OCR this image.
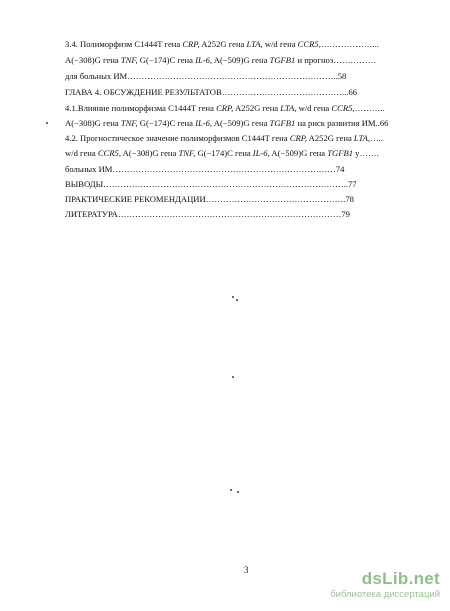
3.4. Полиморфизм C1444T гена CRP, A252G гена LTA, w/d гена CCR5,………………...
A(−308)G гена TNF, G(−174)C гена IL-6, A(−509)G гена TGFB1 и прогноз……………
для больных ИМ………………………………………………………………..58
ГЛАВА 4. ОБСУЖДЕНИЕ РЕЗУЛЬТАТОВ……………………………………...66
4.1.Влияние полиморфизма C1444T гена CRP, A252G гена LTA, w/d гена CCR5,………..
A(−308)G гена TNF, G(−174)C гена IL-6, A(−509)G гена TGFB1 на риск развития ИМ..66
4.2. Прогностическое значение полиморфизмов C1444T гена CRP, A252G гена LTA,…..
w/d гена CCR5, A(−308)G гена TNF, G(−174)C гена IL-6, A(−509)G гена TGFB1 у…….
больных ИМ……………………………………………………………………74
ВЫВОДЫ…………………………………………………………………………..77
ПРАКТИЧЕСКИЕ РЕКОМЕНДАЦИИ………………………………………….78
ЛИТЕРАТУРА……………………………………………………………………79
3	dsLib.net
библиотека диссертаций
